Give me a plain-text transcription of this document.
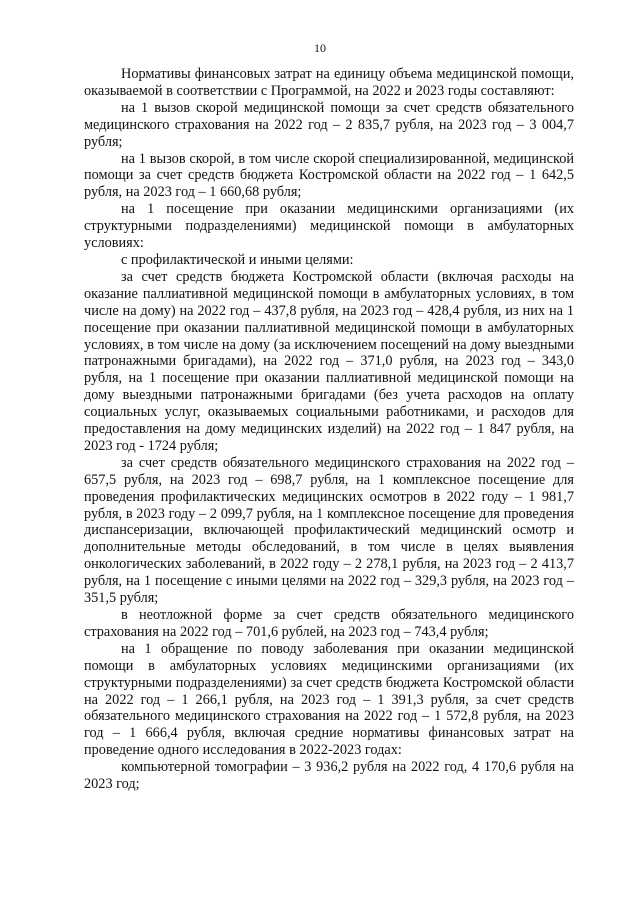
10

Нормативы финансовых затрат на единицу объема медицинской помощи, оказываемой в соответствии с Программой, на 2022 и 2023 годы составляют:

на 1 вызов скорой медицинской помощи за счет средств обязательного медицинского страхования на 2022 год – 2 835,7 рубля, на 2023 год – 3 004,7 рубля;

на 1 вызов скорой, в том числе скорой специализированной, медицинской помощи за счет средств бюджета Костромской области на 2022 год – 1 642,5 рубля, на 2023 год – 1 660,68 рубля;

на 1 посещение при оказании медицинскими организациями (их структурными подразделениями) медицинской помощи в амбулаторных условиях:

с профилактической и иными целями:

за счет средств бюджета Костромской области (включая расходы на оказание паллиативной медицинской помощи в амбулаторных условиях, в том числе на дому) на 2022 год – 437,8 рубля, на 2023 год – 428,4 рубля, из них на 1 посещение при оказании паллиативной медицинской помощи в амбулаторных условиях, в том числе на дому (за исключением посещений на дому выездными патронажными бригадами), на 2022 год – 371,0 рубля, на 2023 год – 343,0 рубля, на 1 посещение при оказании паллиативной медицинской помощи на дому выездными патронажными бригадами (без учета расходов на оплату социальных услуг, оказываемых социальными работниками, и расходов для предоставления на дому медицинских изделий) на 2022 год – 1 847 рубля, на 2023 год - 1724 рубля;

за счет средств обязательного медицинского страхования на 2022 год – 657,5 рубля, на 2023 год – 698,7 рубля, на 1 комплексное посещение для проведения профилактических медицинских осмотров в 2022 году – 1 981,7 рубля, в 2023 году – 2 099,7 рубля, на 1 комплексное посещение для проведения диспансеризации, включающей профилактический медицинский осмотр и дополнительные методы обследований, в том числе в целях выявления онкологических заболеваний, в 2022 году – 2 278,1 рубля, на 2023 год – 2 413,7 рубля, на 1 посещение с иными целями на 2022 год – 329,3 рубля, на 2023 год – 351,5 рубля;

в неотложной форме за счет средств обязательного медицинского страхования на 2022 год – 701,6 рублей, на 2023 год – 743,4 рубля;

на 1 обращение по поводу заболевания при оказании медицинской помощи в амбулаторных условиях медицинскими организациями (их структурными подразделениями) за счет средств бюджета Костромской области на 2022 год – 1 266,1 рубля, на 2023 год – 1 391,3 рубля, за счет средств обязательного медицинского страхования на 2022 год – 1 572,8 рубля, на 2023 год – 1 666,4 рубля, включая средние нормативы финансовых затрат на проведение одного исследования в 2022-2023 годах:

компьютерной томографии – 3 936,2 рубля на 2022 год, 4 170,6 рубля на 2023 год;
